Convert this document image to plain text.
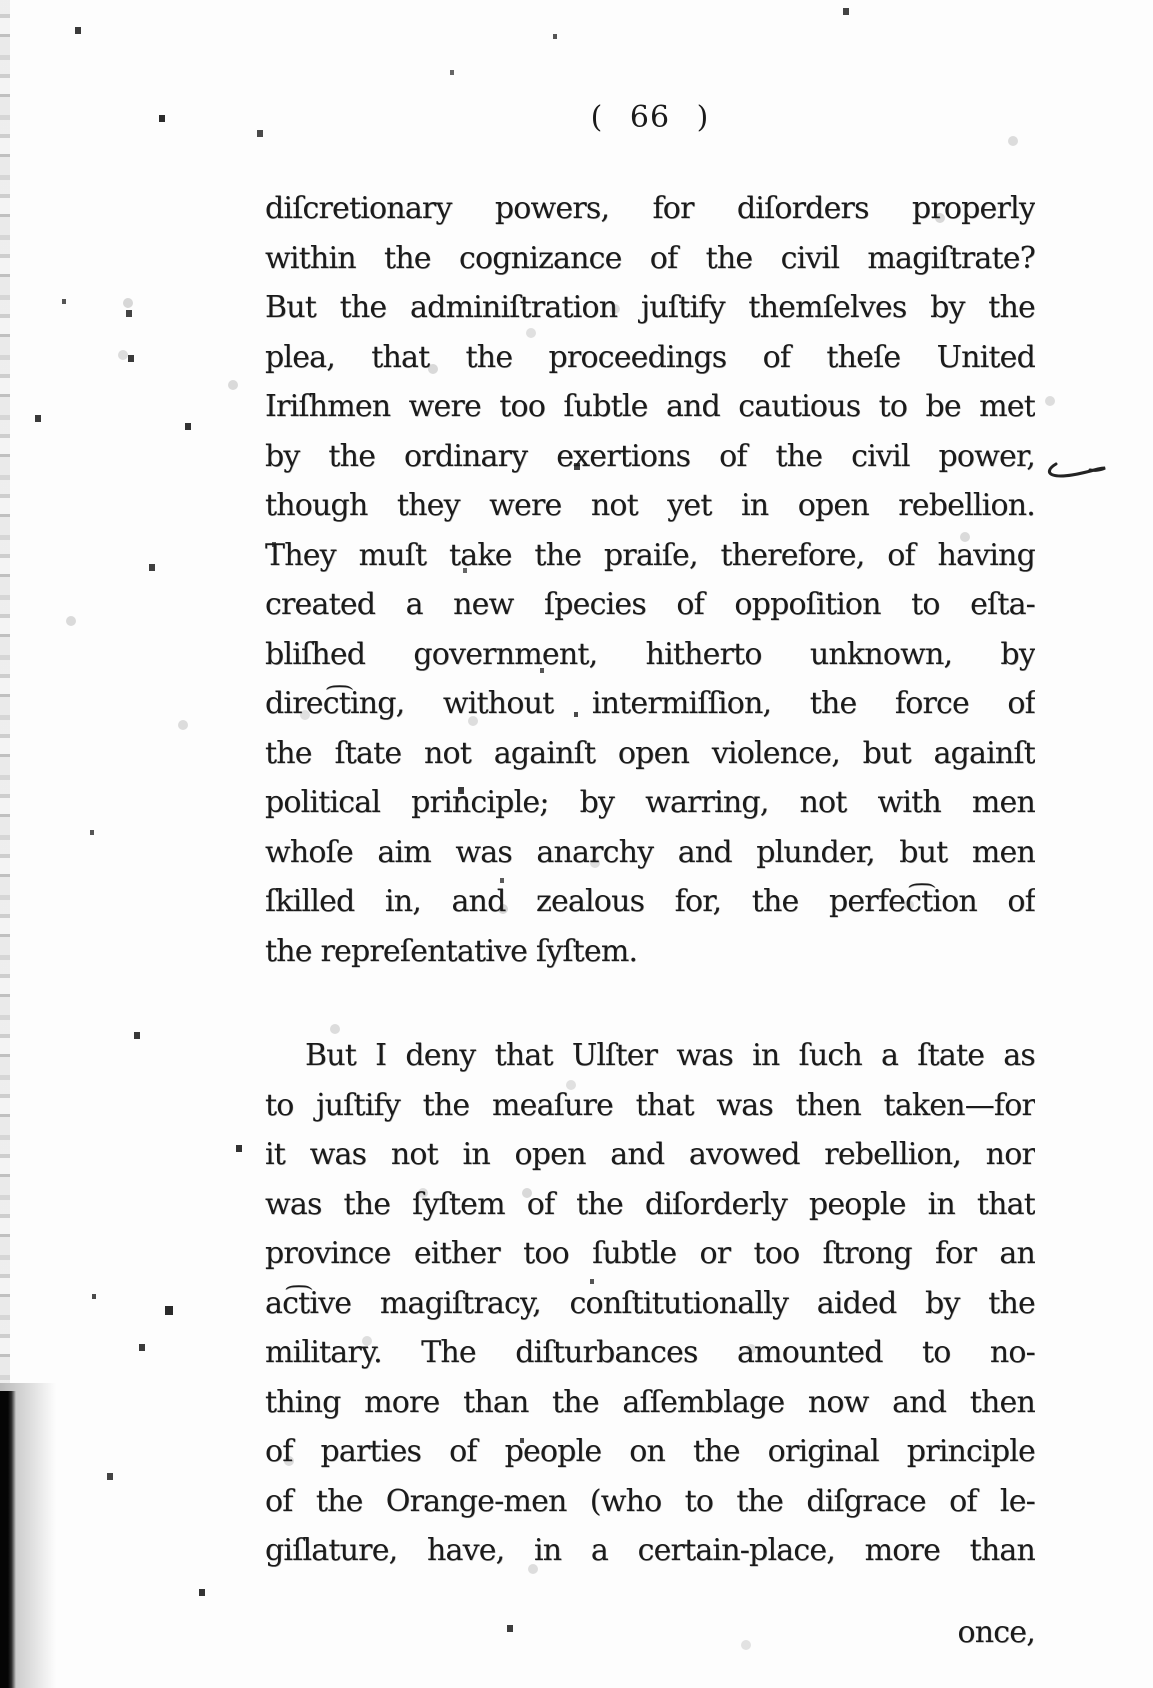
( 66 )
diſcretionary powers, for diſorders properly
within the cognizance of the civil magiſtrate?
But the adminiſtration juſtify themſelves by the
plea, that the proceedings of theſe United
Iriſhmen were too ſubtle and cautious to be met
by the ordinary exertions of the civil power,
though they were not yet in open rebellion.
They muſt take the praiſe, therefore, of having
created a new ſpecies of oppoſition to eſta-
bliſhed government, hitherto unknown, by
direc͡ting, without intermiſſion, the force of
the ſtate not againſt open violence, but againſt
political principle; by warring, not with men
whoſe aim was anarchy and plunder, but men
ſkilled in, and zealous for, the perfec͡tion of
the repreſentative ſyſtem.
But I deny that Ulſter was in ſuch a ſtate as
to juſtify the meaſure that was then taken—for
it was not in open and avowed rebellion, nor
was the ſyſtem of the diſorderly people in that
province either too ſubtle or too ſtrong for an
ac͡tive magiſtracy, conſtitutionally aided by the
military. The diſturbances amounted to no-
thing more than the aſſemblage now and then
of parties of people on the original principle
of the Orange-men (who to the diſgrace of le-
giſlature, have, in a certain-place, more than
once,
